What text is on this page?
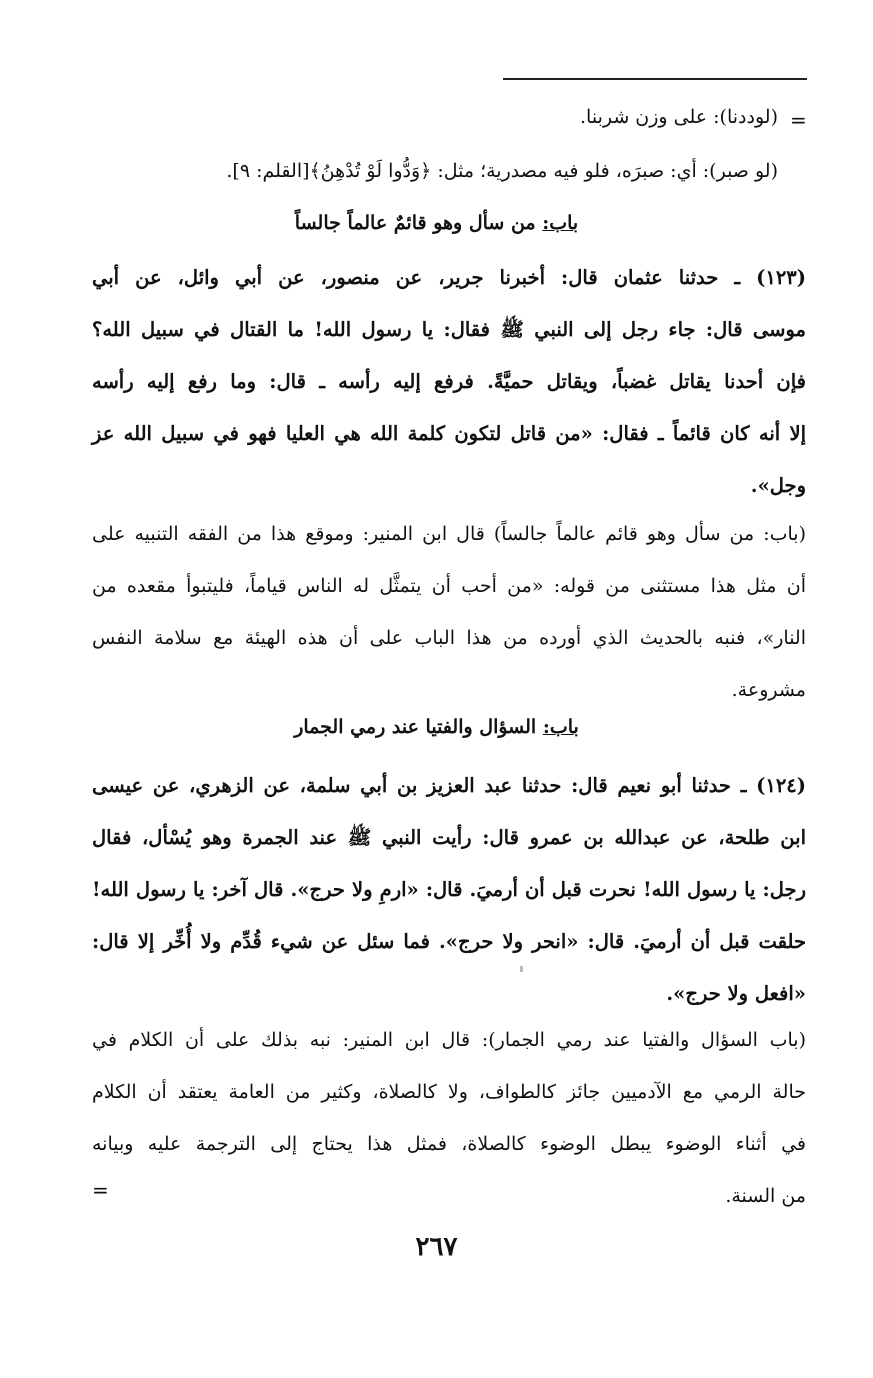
=
(لوددنا): على وزن شربنا.
(لو صبر): أي: صبرَه، فلو فيه مصدرية؛ مثل: ﴿وَدُّوا لَوْ تُدْهِنُ﴾[القلم: ٩].
باب: من سأل وهو قائمٌ عالماً جالساً
(١٢٣) ـ حدثنا عثمان قال: أخبرنا جرير، عن منصور، عن أبي وائل، عن أبي
موسى قال: جاء رجل إلى النبي ﷺ فقال: يا رسول الله! ما القتال في سبيل الله؟
فإن أحدنا يقاتل غضباً، ويقاتل حميَّةً. فرفع إليه رأسه ـ قال: وما رفع إليه رأسه
إلا أنه كان قائماً ـ فقال: «من قاتل لتكون كلمة الله هي العليا فهو في سبيل الله عز
وجل».
(باب: من سأل وهو قائم عالماً جالساً) قال ابن المنير: وموقع هذا من الفقه التنبيه على
أن مثل هذا مستثنى من قوله: «من أحب أن يتمثَّل له الناس قياماً، فليتبوأ مقعده من
النار»، فنبه بالحديث الذي أورده من هذا الباب على أن هذه الهيئة مع سلامة النفس
مشروعة.
باب: السؤال والفتيا عند رمي الجمار
(١٢٤) ـ حدثنا أبو نعيم قال: حدثنا عبد العزيز بن أبي سلمة، عن الزهري، عن عيسى
ابن طلحة، عن عبدالله بن عمرو قال: رأيت النبي ﷺ عند الجمرة وهو يُسْأل، فقال
رجل: يا رسول الله! نحرت قبل أن أرميَ. قال: «ارمِ ولا حرج». قال آخر: يا رسول الله!
حلقت قبل أن أرميَ. قال: «انحر ولا حرج». فما سئل عن شيء قُدِّم ولا أُخِّر إلا قال:
«افعل ولا حرج».
(باب السؤال والفتيا عند رمي الجمار): قال ابن المنير: نبه بذلك على أن الكلام في
حالة الرمي مع الآدميين جائز كالطواف، ولا كالصلاة، وكثير من العامة يعتقد أن الكلام
في أثناء الوضوء يبطل الوضوء كالصلاة، فمثل هذا يحتاج إلى الترجمة عليه وبيانه
من السنة.
=
٢٦٧
